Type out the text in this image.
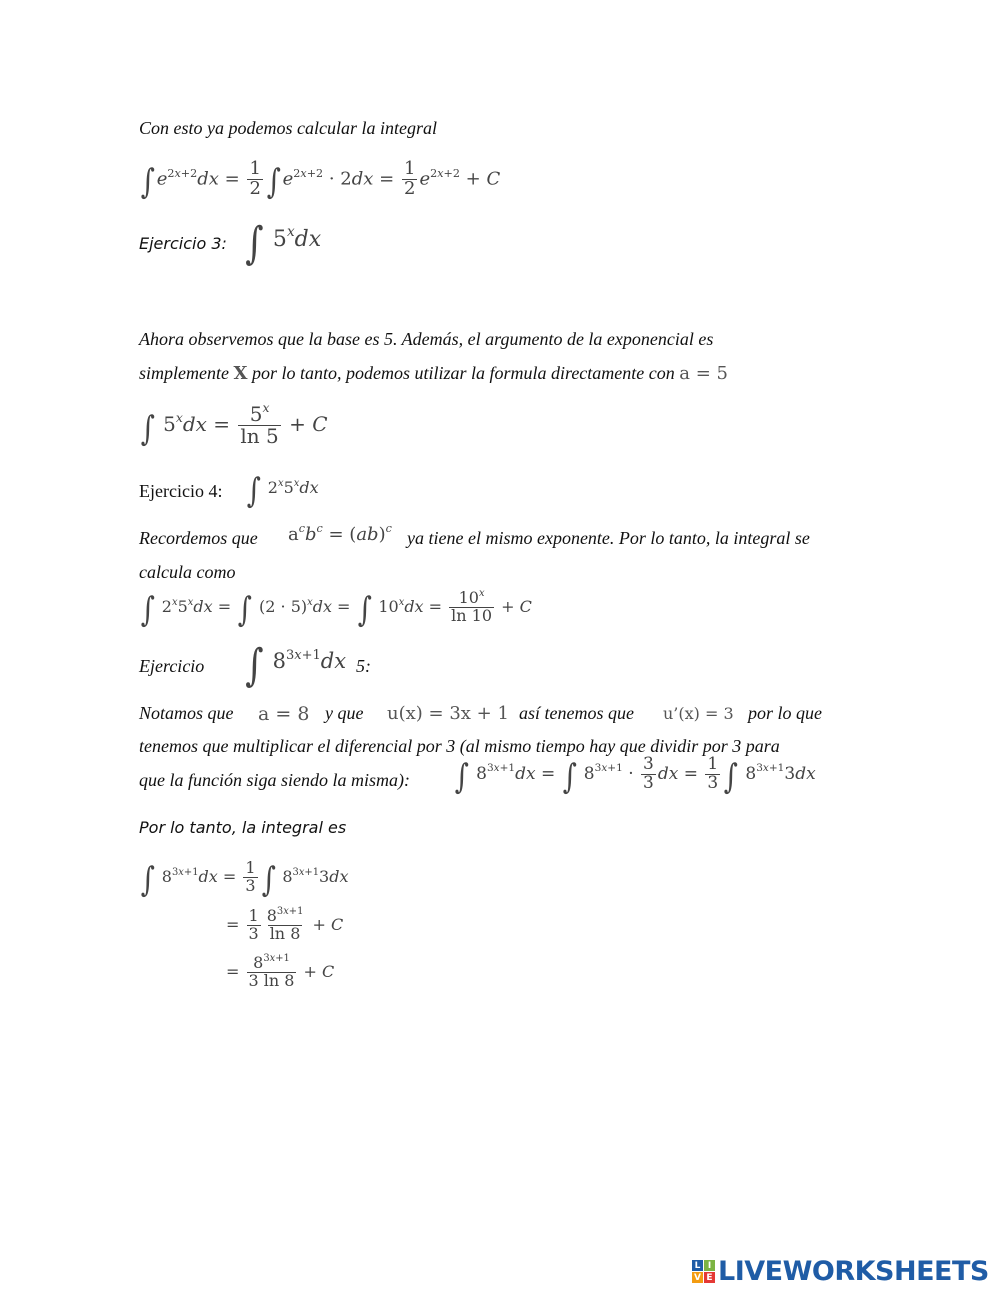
Con esto ya podemos calcular la integral
$\int e^{2x+2}dx = \frac{1}{2} \int e^{2x+2} \cdot 2dx = \frac{1}{2} e^{2x+2} + C$
Ejercicio 3: ∫ 5$^x$dx
Ahora observemos que la base es 5. Además, el argumento de la exponencial es
simplemente X por lo tanto, podemos utilizar la formula directamente con a = 5
∫ $5^xdx = \frac{5^x}{\ln 5} + C$
Ejercicio 4: ∫ 2$^x$5$^x$dx
Recordemos que $a^cb^c = (ab)^c$ ya tiene el mismo exponente. Por lo tanto, la integral se
calcula como
∫ $2^x5^xdx$ = ∫ $(2 \cdot 5)^xdx$ = ∫ $10^xdx = \frac{10^x}{\ln 10} + C$
Ejercicio ∫ $8^{3x+1}dx$ 5:
Notamos que a = 8 y que u(x) = 3x + 1 así tenemos que u’(x) = 3 por lo que
tenemos que multiplicar el diferencial por 3 (al mismo tiempo hay que dividir por 3 para
que la función siga siendo la misma): ∫ $8^{3x+1}dx$ = ∫ $8^{3x+1} \cdot \frac{3}{3}$ dx = $\frac{1}{3}$ ∫ $8^{3x+1}3dx$
Por lo tanto, la integral es
∫ $8^{3x+1}dx = \frac{1}{3}$ ∫ $8^{3x+1}3dx$
= $\frac{1}{3} \frac{8^{3x+1}}{\ln 8} + C$
= $\frac{8^{3x+1}}{3 \ln 8} + C$
L I
V E LIVEWORKSHEETS
